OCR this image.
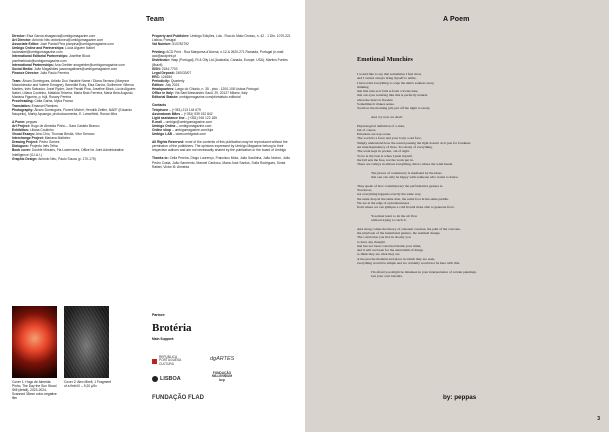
Team

Director: Elsa Garcia elsagarcia@umbigomagazine.com

Art Director: António Néu antonioneu@umbigomagazine.com

Associate Editor: José Pardal Pina josepina@umbigomagazine.com

Umbigo Online and Partnerships: Lúcia Alguém Nabel lucianabel@umbigomagazine.com

International Editorial Partnerships: Josefine Block josefineblock@umbigomagazine.com

International Partnerships: Ana Grebler anagrebler@umbigomagazine.com

Social Media: João Magalhães joaomagalhaes@umbigomagazine.com

Finance Director: João Paulo Ferreira

Team: Álvaro Domingues, Artistic Duo Variable Name / Diana Serrano (Marynne Mazurkiewicz and Valerie Emagne), Benedikt Ecky, Elsa Garcia, Guilherme Vilhena Martins, Inês Salvador, Josef Ryder, José Pardal Pina, Josefine Block, Lúcia Alguém Nabel, Liliana Coutinho, Mafalda Teixeira, Maria Brás Ferreira, Maria Bela Augusto, Mariana Figueira, p. fujii, Rosary Pereira

Proofreading: Cátia Garba, Myka Franco

Translation: Emanuel Ramires

Photography: Álvaro Domingues, Florent Michel, Hendrik Zeitler, NAEF (Eduardo Naupeilo), Marky Apuanga, photodocumenta, E. Lancefield, Ronan Mira

A Poem: peppas

Art Project: Hugo de Almeida Pinho – Sara Castelo Branco

Exhibition: Liliana Coutinho

Visual Essays: Ana Chío, Thomas Bristia, Vitor Serrano

Interchange Project: Mariana Malheiro

Drawing Project: Pedro Gomes

Dialogues: Projecto Inês Telha

Book cover: Double Minutes, Fia Lowerveres, Office for Joint Administrative Intelligence (OJ.A.I.)

Graphic Design: António Néu, Paulo Souza (p. 170-175)

Property and Publisher: Umbigo Edições, Lda - Rua do Mato Grosso, n. 42 - 1 Dto. 1070-221 Lisboa, Portugal

Vat Number: 510782792

Printing: ACD Print - Rua Marquesa d'Alorna, n.12-A 2620-271 Ramada, Portugal (e-mail: acd@acdprint.pt

Distributor: Vasp (Portugal), Ri & Olly Ltd (Australia, Canada, Europe, USA), Martins Fontes (Brazil)

ISSN: 2184-7703

Legal Deposit: 240033/07

ERC: 124654

Periodicity: Quarterly

Edition: July 2024

Headquarters: Largo do Chiado, n. 35 - piso - 1200-108 Lisboa Portugal

Office in Italy: Via Sant'Alessandro Sauli, 29, 20127 Milano, Italy

Editorial Statute: umbigomagazine.com/pt/estatuto-editorial

Contacts

Telephone – (+351) 213 144 679

Assinaturas Mães – (+351) 939 152 842

Light assistance line – (+351) 916 122 185

E-mail – umbigo@umbigomagazine.com

Umbigo Online – umbigomagazine.com

Online shop – umbigomagazine.com/loja

Umbigo LAB – www.umbigolab.com

All Rights Reserved: none of the contents of this publication may be reproduced without the permission of the publishers. The opinions expressed by Umbigo Magazine belong to their respective authors and are not necessarily shared by the publication or the board of Umbigo

Thanks to: Célia Pereira, Diogo Lourenço, Francisco Mota, João Sardinha, João Norton, João Pedro Costa, João Sarmento, Manoel Cardoso, Maria José Santos, Sofia Rodrigues, Sónia Rafael, Victor M. Almeida

Cover 1: Hugo de Almeida Pinho, The Day the Sun Stood Still (detail), 2023-2024, Scanned 35mm color-negative film
Cover 2: Alex Mirell, 1 Fragment of a field III – 9,20 µSv
Partner:
Brotéria
Main Support:
REPÚBLICA PORTUGUESA CULTURA
dgARTES
LISBOA
FUNDAÇÃO MILLENNIUM bcp
FUNDAÇÃO FLAD
A Poem
Emotional Munchies
I would like to say that sometimes I feel tired,
and I cannot always bring myself to smile,
I have tried everything to wipe the skin's sadness away,
thinking
that this ruin as it falls is from a Swiss lake,
that our eyes watering like this is perfectly natural,
when the heart is flooded.
Sometimes it makes sense.
Swallow the morning pill, put off the night to rarely.
And cry now we shall.
Physiological definition of a state,
but of course.
Emotions are nap scene.
The world is a farce and your body a sad face.
Simply understand how the sound passing the light doesn't do it just for fondness
An interdependency of lives. Too many of everything.
The scent kept in pocket, out of sight.
To be at my best is when I push myself,
the fall sets me free, not the work put in.
There are valleys in almost everything, this is where the wind heads.
The places of consistency is mediated by the ideas
that one can only be happy with someone who wants to dance.
They speak of how contemporary the performative gesture is.
You know,
not everything happens exactly the same way,
the same drop in the same dust, the same foot in the same puddle.
We are at the edge of epicenternesses
from where we can glimpse a cold frontal mass able to generate frost.
You must learn to let the air flow
without trying to catch it.
And along comes the theory of coherent creation, the path of the concrete,
the playbook of the intentional gesture, the nominal design.
The conviction you live in doomy you
to have any thought
that has not been conceived inside your mind,
and it will not been for the naturalism of things
to think they are what they are
at the precise moment and place in which they are seen,
everything would be simple and we certainly would not be here with this.
I'm afraid you might be mistaken in your interpretation of certain paintings.
Get your own biscuits.
by: peppas
3
